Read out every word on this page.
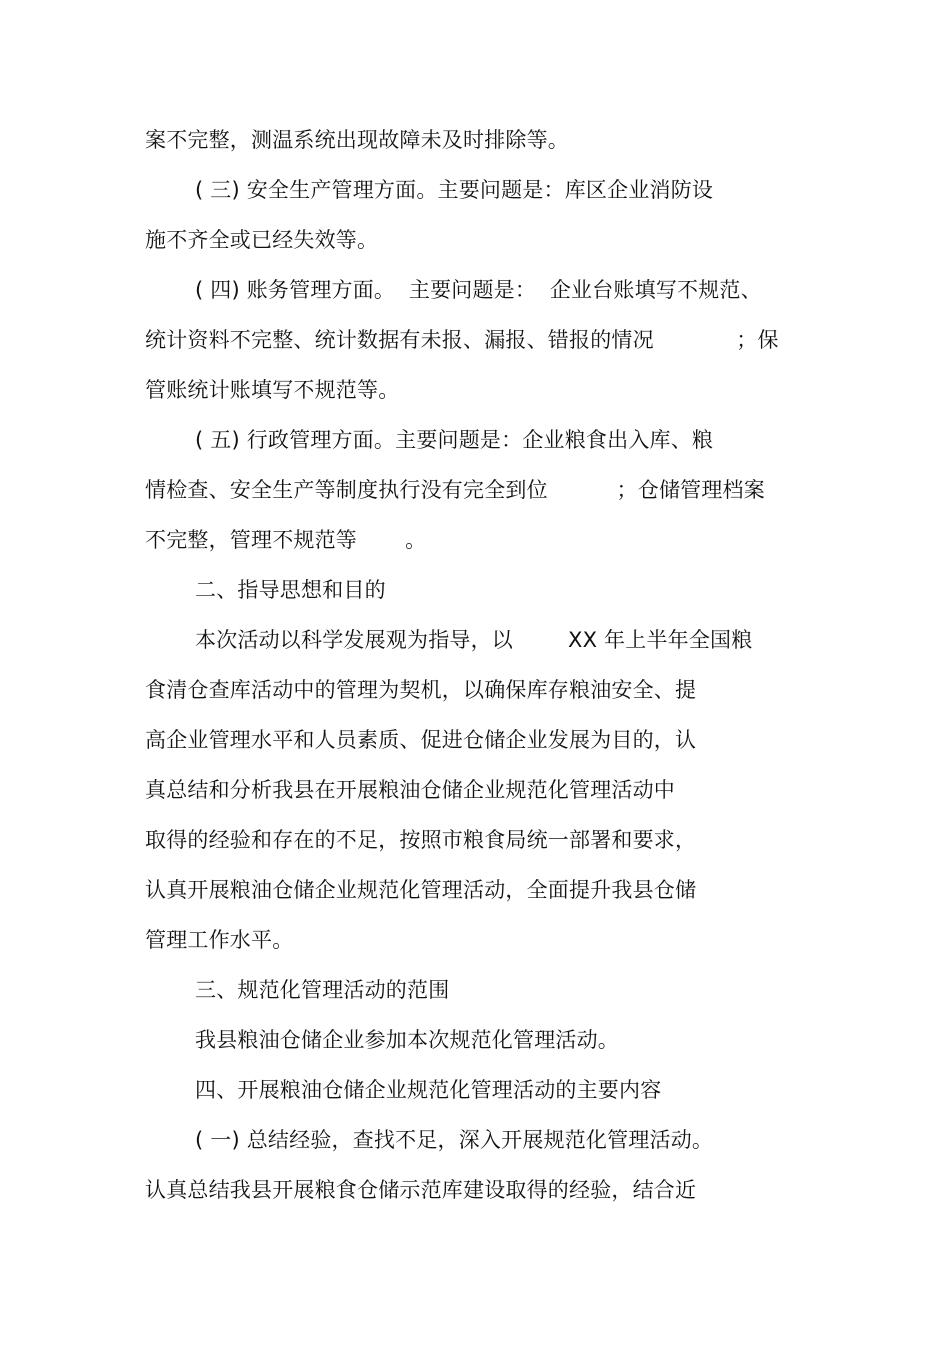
案不完整，测温系统出现故障未及时排除等。
( 三) 安全生产管理方面。主要问题是：库区企业消防设
施不齐全或已经失效等。
( 四) 账务管理方面。  主要问题是：  企业台账填写不规范、
统计资料不完整、统计数据有未报、漏报、错报的情况            ；保
管账统计账填写不规范等。
( 五) 行政管理方面。主要问题是：企业粮食出入库、粮
情检查、安全生产等制度执行没有完全到位          ；仓储管理档案
不完整，管理不规范等       。
二、指导思想和目的
本次活动以科学发展观为指导，以        XX 年上半年全国粮
食清仓查库活动中的管理为契机，以确保库存粮油安全、提
高企业管理水平和人员素质、促进仓储企业发展为目的，认
真总结和分析我县在开展粮油仓储企业规范化管理活动中
取得的经验和存在的不足，按照市粮食局统一部署和要求，
认真开展粮油仓储企业规范化管理活动，全面提升我县仓储
管理工作水平。
三、规范化管理活动的范围
我县粮油仓储企业参加本次规范化管理活动。
四、开展粮油仓储企业规范化管理活动的主要内容
( 一) 总结经验，查找不足，深入开展规范化管理活动。
认真总结我县开展粮食仓储示范库建设取得的经验，结合近
